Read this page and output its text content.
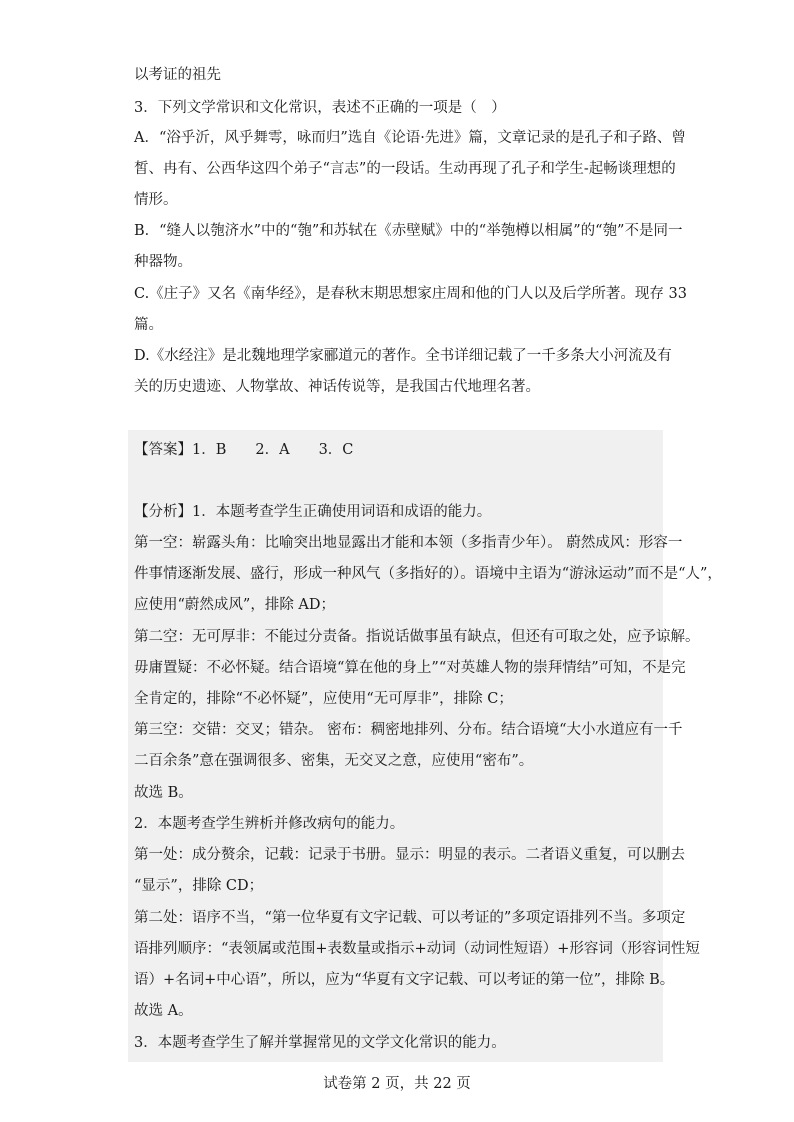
以考证的祖先
3．下列文学常识和文化常识，表述不正确的一项是（　）
A．“浴乎沂，风乎舞雩，咏而归”选自《论语·先进》篇，文章记录的是孔子和子路、曾
皙、冉有、公西华这四个弟子“言志”的一段话。生动再现了孔子和学生-起畅谈理想的
情形。
B．“缝人以匏济水”中的“匏”和苏轼在《赤壁赋》中的“举匏樽以相属”的“匏”不是同一
种器物。
C.《庄子》又名《南华经》，是春秋末期思想家庄周和他的门人以及后学所著。现存 33
篇。
D.《水经注》是北魏地理学家郦道元的著作。全书详细记载了一千多条大小河流及有
关的历史遗迹、人物掌故、神话传说等，是我国古代地理名著。
【答案】1．B　　2．A　　3．C
【分析】1．本题考查学生正确使用词语和成语的能力。
第一空：崭露头角：比喻突出地显露出才能和本领（多指青少年）。 蔚然成风：形容一
件事情逐渐发展、盛行，形成一种风气（多指好的）。语境中主语为“游泳运动”而不是“人”，
应使用“蔚然成风”，排除 AD；
第二空：无可厚非：不能过分责备。指说话做事虽有缺点，但还有可取之处，应予谅解。
毋庸置疑：不必怀疑。结合语境“算在他的身上”“对英雄人物的崇拜情结”可知，不是完
全肯定的，排除“不必怀疑”，应使用“无可厚非”，排除 C；
第三空：交错：交叉；错杂。 密布：稠密地排列、分布。结合语境“大小水道应有一千
二百余条”意在强调很多、密集，无交叉之意，应使用“密布”。
故选 B。
2．本题考查学生辨析并修改病句的能力。
第一处：成分赘余，记载：记录于书册。显示：明显的表示。二者语义重复，可以删去
“显示”，排除 CD；
第二处：语序不当，“第一位华夏有文字记载、可以考证的”多项定语排列不当。多项定
语排列顺序：“表领属或范围+表数量或指示+动词（动词性短语）+形容词（形容词性短
语）+名词+中心语”，所以，应为“华夏有文字记载、可以考证的第一位”，排除 B。
故选 A。
3．本题考查学生了解并掌握常见的文学文化常识的能力。
试卷第 2 页，共 22 页
